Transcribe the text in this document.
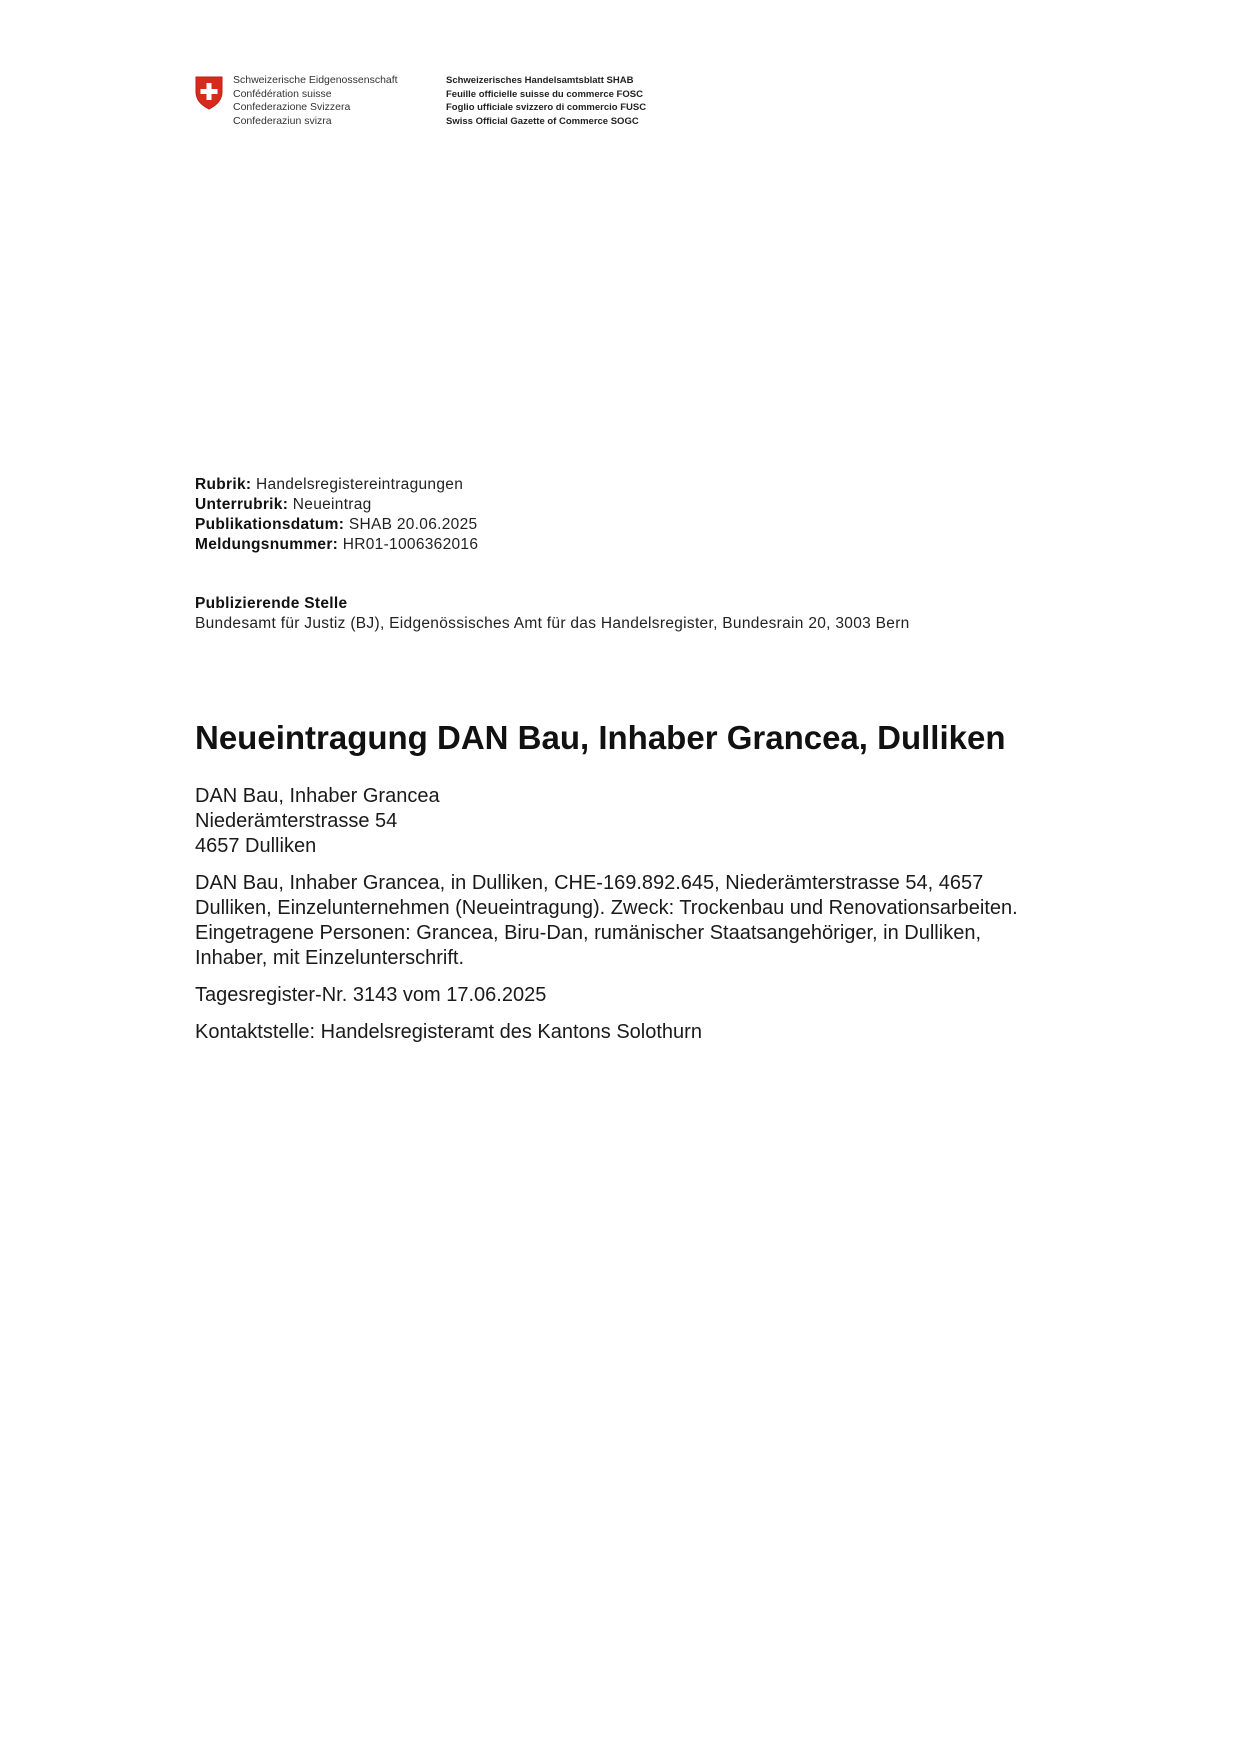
Schweizerische Eidgenossenschaft
Confédération suisse
Confederazione Svizzera
Confederaziun svizra
Schweizerisches Handelsamtsblatt SHAB
Feuille officielle suisse du commerce FOSC
Foglio ufficiale svizzero di commercio FUSC
Swiss Official Gazette of Commerce SOGC
Rubrik: Handelsregistereintragungen
Unterrubrik: Neueintrag
Publikationsdatum: SHAB 20.06.2025
Meldungsnummer: HR01-1006362016
Publizierende Stelle
Bundesamt für Justiz (BJ), Eidgenössisches Amt für das Handelsregister, Bundesrain 20, 3003 Bern
Neueintragung DAN Bau, Inhaber Grancea, Dulliken
DAN Bau, Inhaber Grancea
Niederämterstrasse 54
4657 Dulliken

DAN Bau, Inhaber Grancea, in Dulliken, CHE-169.892.645, Niederämterstrasse 54, 4657 Dulliken, Einzelunternehmen (Neueintragung). Zweck: Trockenbau und Renovationsarbeiten. Eingetragene Personen: Grancea, Biru-Dan, rumänischer Staatsangehöriger, in Dulliken, Inhaber, mit Einzelunterschrift.

Tagesregister-Nr. 3143 vom 17.06.2025

Kontaktstelle: Handelsregisteramt des Kantons Solothurn
